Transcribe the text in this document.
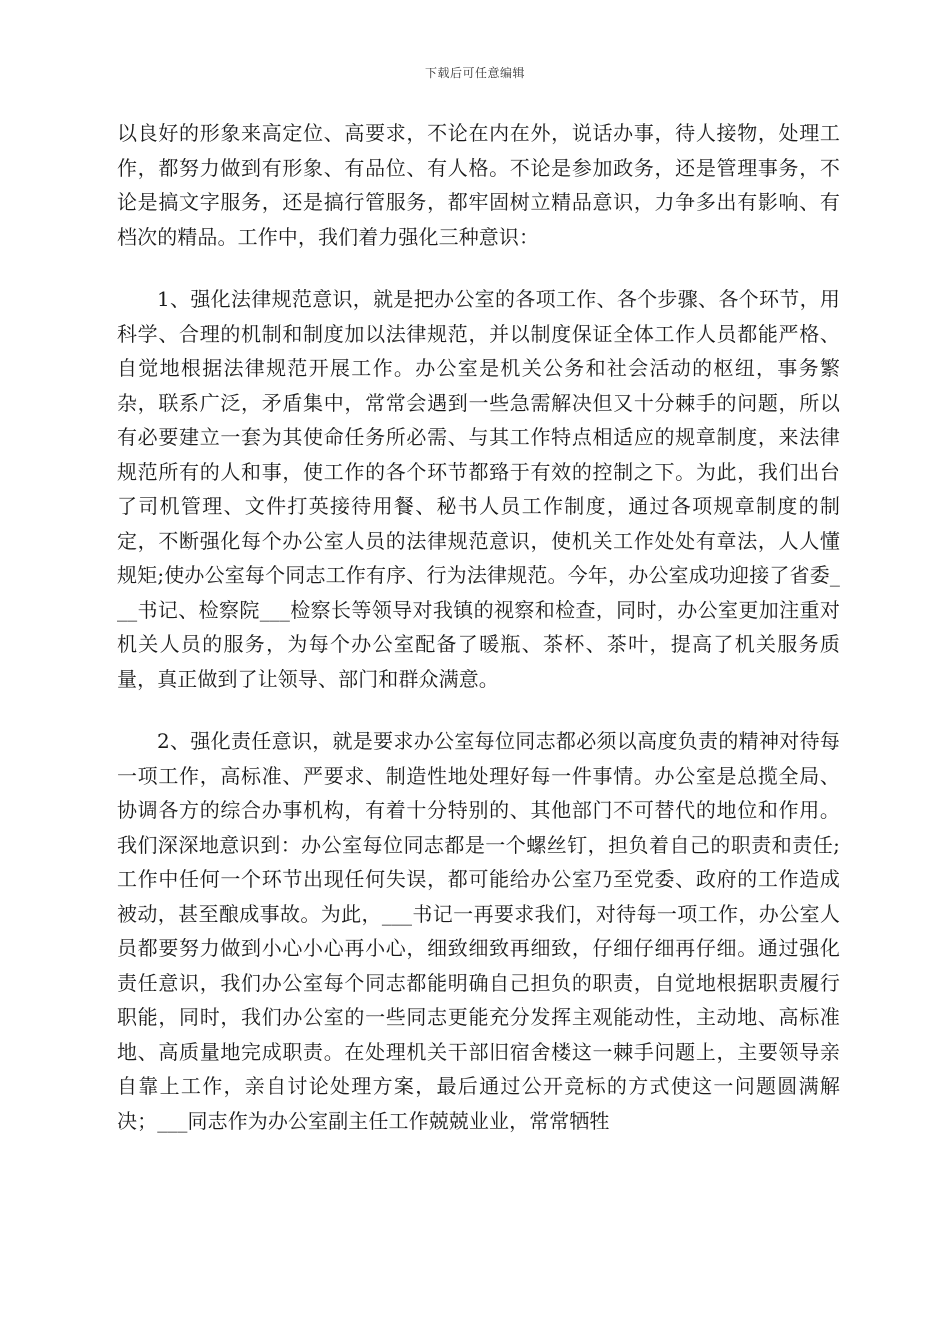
下载后可任意编辑

以良好的形象来高定位、高要求，不论在内在外，说话办事，待人接物，处理工作，都努力做到有形象、有品位、有人格。不论是参加政务，还是管理事务，不论是搞文字服务，还是搞行管服务，都牢固树立精品意识，力争多出有影响、有档次的精品。工作中，我们着力强化三种意识：

1、强化法律规范意识，就是把办公室的各项工作、各个步骤、各个环节，用科学、合理的机制和制度加以法律规范，并以制度保证全体工作人员都能严格、自觉地根据法律规范开展工作。办公室是机关公务和社会活动的枢纽，事务繁杂，联系广泛，矛盾集中，常常会遇到一些急需解决但又十分棘手的问题，所以有必要建立一套为其使命任务所必需、与其工作特点相适应的规章制度，来法律规范所有的人和事，使工作的各个环节都臵于有效的控制之下。为此，我们出台了司机管理、文件打英接待用餐、秘书人员工作制度，通过各项规章制度的制定，不断强化每个办公室人员的法律规范意识，使机关工作处处有章法，人人懂规矩;使办公室每个同志工作有序、行为法律规范。今年，办公室成功迎接了省委___书记、检察院___检察长等领导对我镇的视察和检查，同时，办公室更加注重对机关人员的服务，为每个办公室配备了暖瓶、茶杯、茶叶，提高了机关服务质量，真正做到了让领导、部门和群众满意。

2、强化责任意识，就是要求办公室每位同志都必须以高度负责的精神对待每一项工作，高标准、严要求、制造性地处理好每一件事情。办公室是总揽全局、协调各方的综合办事机构，有着十分特别的、其他部门不可替代的地位和作用。我们深深地意识到：办公室每位同志都是一个螺丝钉，担负着自己的职责和责任;工作中任何一个环节出现任何失误，都可能给办公室乃至党委、政府的工作造成被动，甚至酿成事故。为此，___书记一再要求我们，对待每一项工作，办公室人员都要努力做到小心小心再小心，细致细致再细致，仔细仔细再仔细。通过强化责任意识，我们办公室每个同志都能明确自己担负的职责，自觉地根据职责履行职能，同时，我们办公室的一些同志更能充分发挥主观能动性，主动地、高标准地、高质量地完成职责。在处理机关干部旧宿舍楼这一棘手问题上，主要领导亲自靠上工作，亲自讨论处理方案，最后通过公开竞标的方式使这一问题圆满解决；___同志作为办公室副主任工作兢兢业业，常常牺牲
